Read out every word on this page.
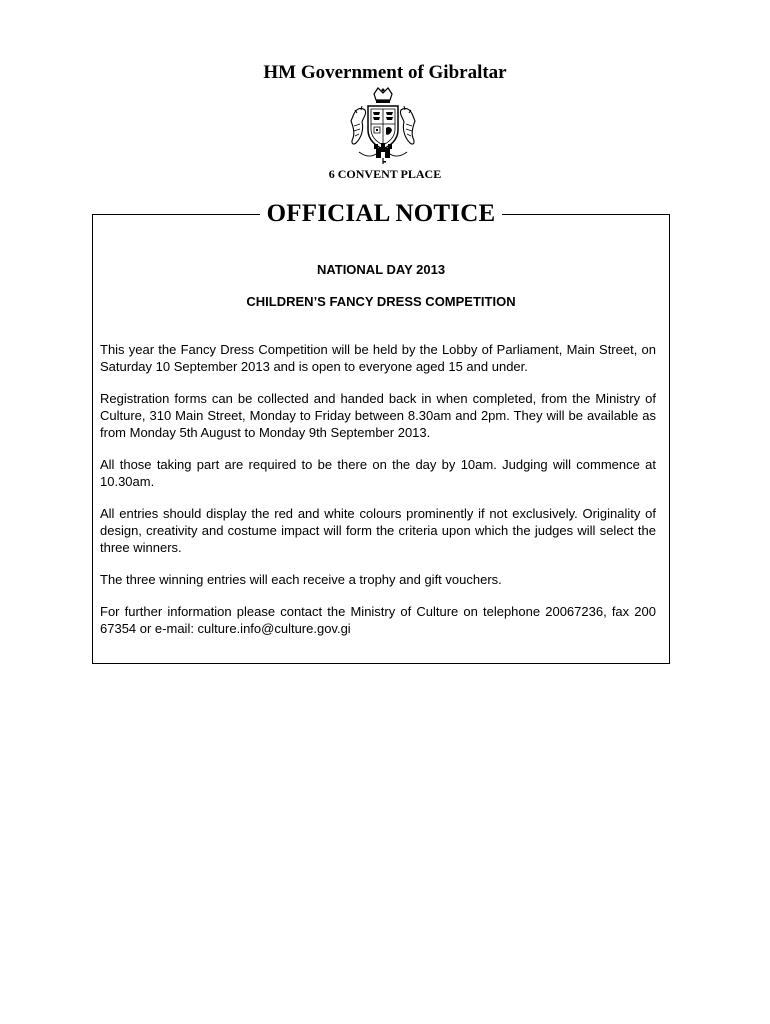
HM Government of Gibraltar
6 CONVENT PLACE
OFFICIAL NOTICE
NATIONAL DAY 2013
CHILDREN’S FANCY DRESS COMPETITION

This year the Fancy Dress Competition will be held by the Lobby of Parliament, Main Street, on Saturday 10 September 2013 and is open to everyone aged 15 and under.

Registration forms can be collected and handed back in when completed, from the Ministry of Culture, 310 Main Street, Monday to Friday between 8.30am and 2pm. They will be available as from Monday 5th August to Monday 9th September 2013.

All those taking part are required to be there on the day by 10am. Judging will commence at 10.30am.

All entries should display the red and white colours prominently if not exclusively. Originality of design, creativity and costume impact will form the criteria upon which the judges will select the three winners.

The three winning entries will each receive a trophy and gift vouchers.

For further information please contact the Ministry of Culture on telephone 20067236, fax 200 67354 or e-mail: culture.info@culture.gov.gi
